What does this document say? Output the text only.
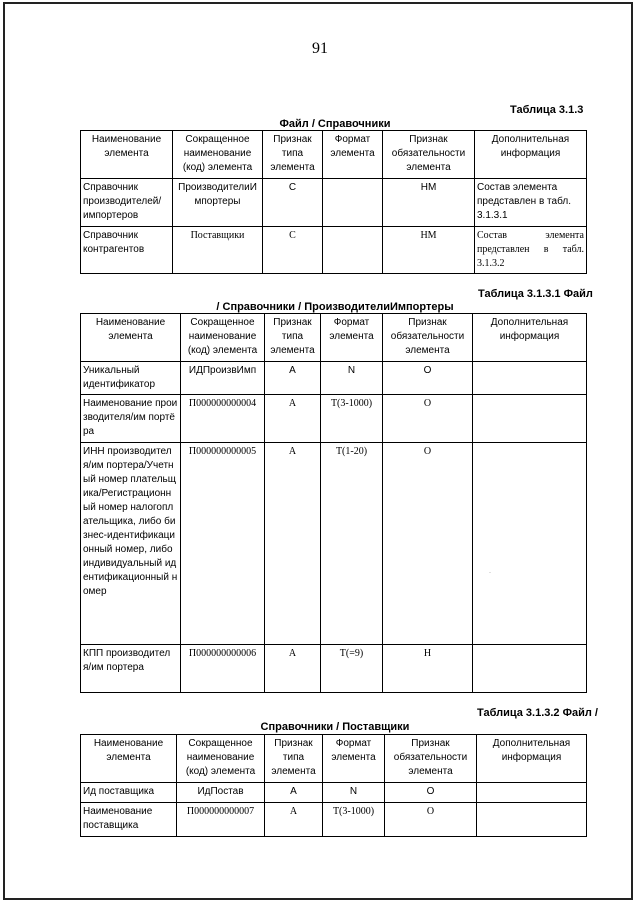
91
Таблица 3.1.3
Файл / Справочники
Наименование элемента	Сокращенное наименование (код) элемента	Признак типа элемента	Формат элемента	Признак обязательности элемента	Дополнительная информация
Справочник производителей/ импортеров	ПроизводителиИмпортеры	С		НМ	Состав элемента представлен в табл. 3.1.3.1
Справочник контрагентов	Поставщики	С		НМ	Состав элемента представлен в табл. 3.1.3.2
Таблица 3.1.3.1 Файл
/ Справочники / ПроизводителиИмпортеры
Наименование элемента	Сокращенное наименование (код) элемента	Признак типа элемента	Формат элемента	Признак обязательности элемента	Дополнительная информация
Уникальный идентификатор	ИДПроизвИмп	А	N	О	
Наименование производителя/им портёра	П000000000004	А	Т(3-1000)	О	
ИНН производителя/им портера/Учетный номер плательщика/Регистрационный номер налогоплательщика, либо бизнес-идентификационный номер, либо индивидуальный идентификационный номер	П000000000005	А	Т(1-20)	О	
КПП производителя/им портера	П000000000006	А	Т(=9)	Н	
·
Таблица 3.1.3.2 Файл /
Справочники / Поставщики
Наименование элемента	Сокращенное наименование (код) элемента	Признак типа элемента	Формат элемента	Признак обязательности элемента	Дополнительная информация
Ид поставщика	ИдПостав	А	N	О	
Наименование поставщика	П000000000007	А	Т(3-1000)	О	
